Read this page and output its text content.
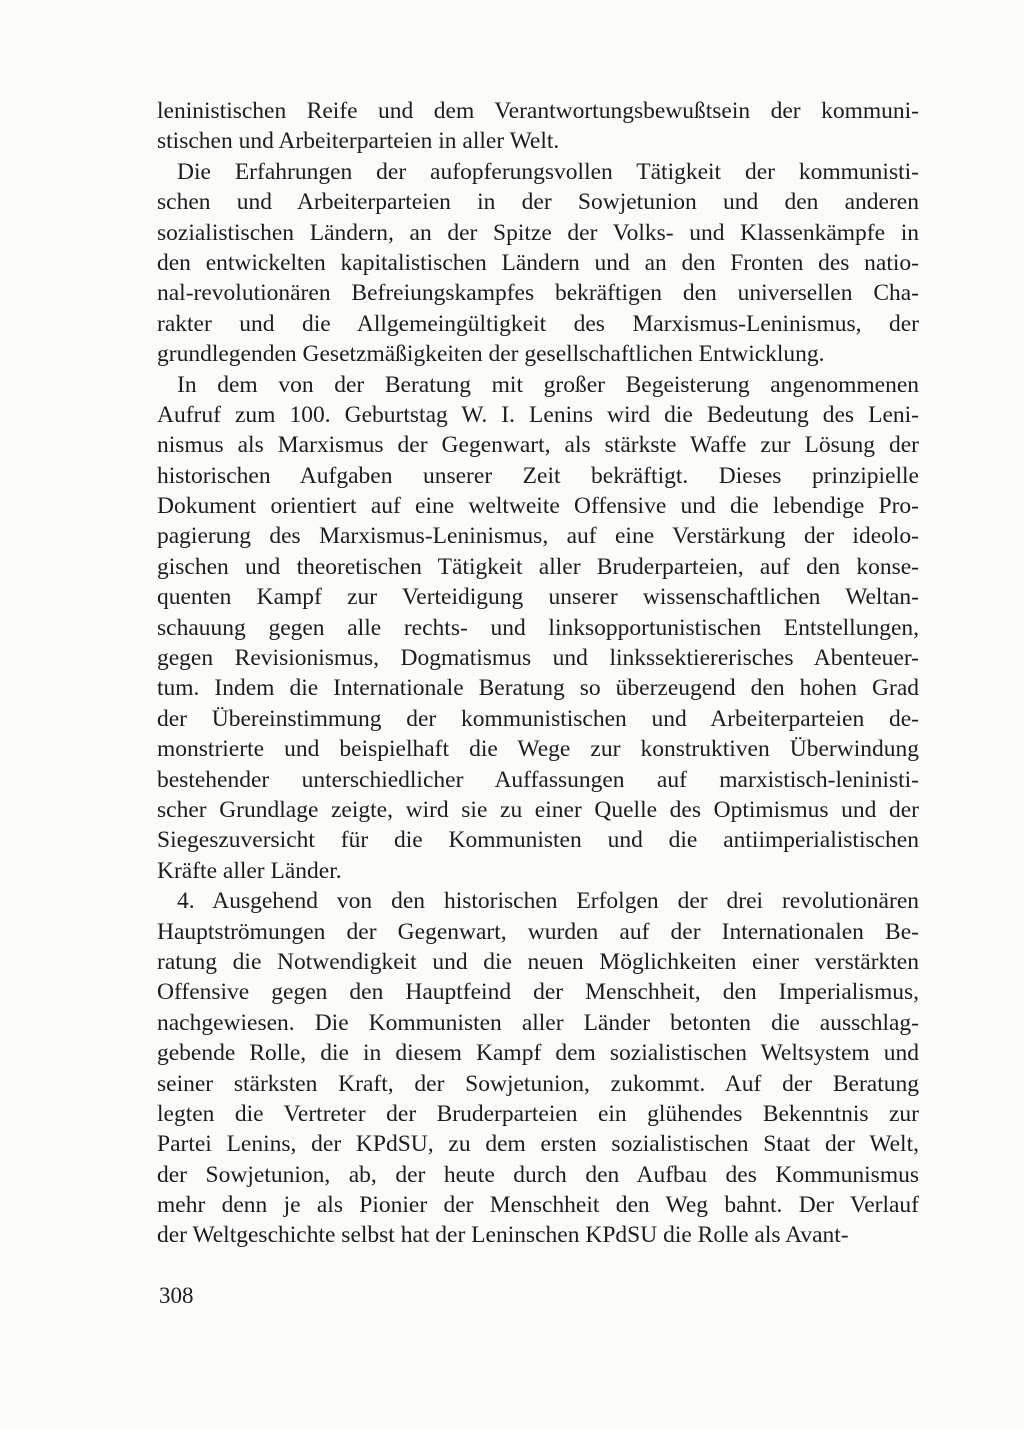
leninistischen Reife und dem Verantwortungsbewußtsein der kommuni-
stischen und Arbeiterparteien in aller Welt.
Die Erfahrungen der aufopferungsvollen Tätigkeit der kommunisti-
schen und Arbeiterparteien in der Sowjetunion und den anderen
sozialistischen Ländern, an der Spitze der Volks- und Klassenkämpfe in
den entwickelten kapitalistischen Ländern und an den Fronten des natio-
nal-revolutionären Befreiungskampfes bekräftigen den universellen Cha-
rakter und die Allgemeingültigkeit des Marxismus-Leninismus, der
grundlegenden Gesetzmäßigkeiten der gesellschaftlichen Entwicklung.
In dem von der Beratung mit großer Begeisterung angenommenen
Aufruf zum 100. Geburtstag W. I. Lenins wird die Bedeutung des Leni-
nismus als Marxismus der Gegenwart, als stärkste Waffe zur Lösung der
historischen Aufgaben unserer Zeit bekräftigt. Dieses prinzipielle
Dokument orientiert auf eine weltweite Offensive und die lebendige Pro-
pagierung des Marxismus-Leninismus, auf eine Verstärkung der ideolo-
gischen und theoretischen Tätigkeit aller Bruderparteien, auf den konse-
quenten Kampf zur Verteidigung unserer wissenschaftlichen Weltan-
schauung gegen alle rechts- und linksopportunistischen Entstellungen,
gegen Revisionismus, Dogmatismus und linkssektiererisches Abenteuer-
tum. Indem die Internationale Beratung so überzeugend den hohen Grad
der Übereinstimmung der kommunistischen und Arbeiterparteien de-
monstrierte und beispielhaft die Wege zur konstruktiven Überwindung
bestehender unterschiedlicher Auffassungen auf marxistisch-leninisti-
scher Grundlage zeigte, wird sie zu einer Quelle des Optimismus und der
Siegeszuversicht für die Kommunisten und die antiimperialistischen
Kräfte aller Länder.
4. Ausgehend von den historischen Erfolgen der drei revolutionären
Hauptströmungen der Gegenwart, wurden auf der Internationalen Be-
ratung die Notwendigkeit und die neuen Möglichkeiten einer verstärkten
Offensive gegen den Hauptfeind der Menschheit, den Imperialismus,
nachgewiesen. Die Kommunisten aller Länder betonten die ausschlag-
gebende Rolle, die in diesem Kampf dem sozialistischen Weltsystem und
seiner stärksten Kraft, der Sowjetunion, zukommt. Auf der Beratung
legten die Vertreter der Bruderparteien ein glühendes Bekenntnis zur
Partei Lenins, der KPdSU, zu dem ersten sozialistischen Staat der Welt,
der Sowjetunion, ab, der heute durch den Aufbau des Kommunismus
mehr denn je als Pionier der Menschheit den Weg bahnt. Der Verlauf
der Weltgeschichte selbst hat der Leninschen KPdSU die Rolle als Avant-
308
